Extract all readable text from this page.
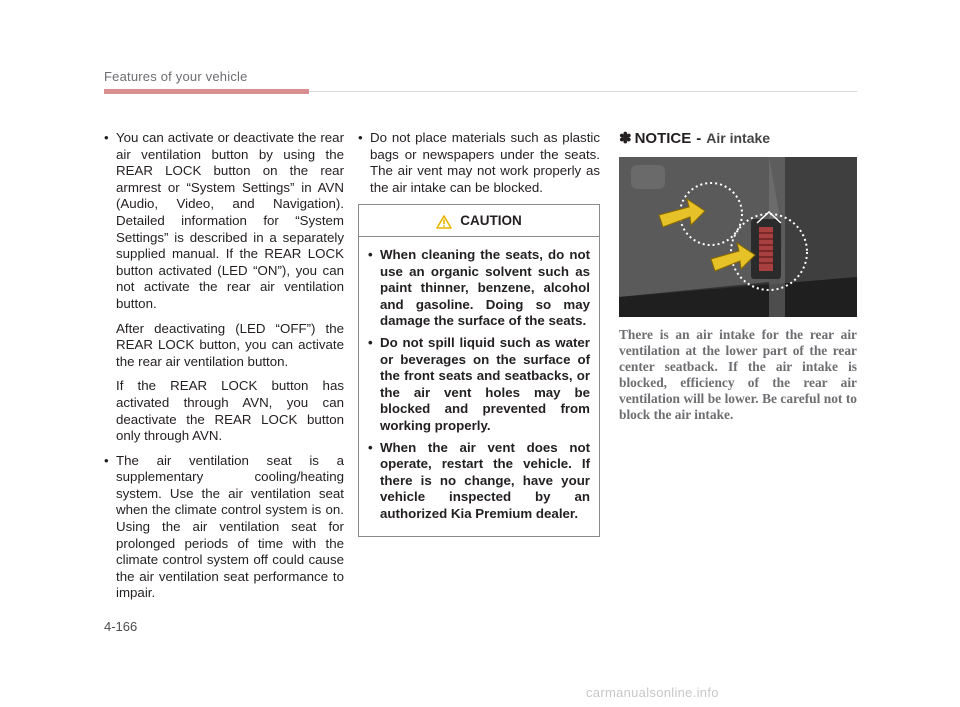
Features of your vehicle
• You can activate or deactivate the rear air ventilation button by using the REAR LOCK button on the rear armrest or “System Settings” in AVN (Audio, Video, and Navigation). Detailed information for “System Settings” is described in a separately supplied manual. If the REAR LOCK button activated (LED “ON”), you can not activate the rear air ventilation button.
After deactivating (LED “OFF”) the REAR LOCK button, you can activate the rear air ventilation button.
If the REAR LOCK button has activated through AVN, you can deactivate the REAR LOCK button only through AVN.
• The air ventilation seat is a supplementary cooling/heating system. Use the air ventilation seat when the climate control system is on. Using the air ventilation seat for prolonged periods of time with the climate control system off could cause the air ventilation seat performance to impair.
• Do not place materials such as plastic bags or newspapers under the seats. The air vent may not work properly as the air intake can be blocked.
CAUTION
• When cleaning the seats, do not use an organic solvent such as paint thinner, benzene, alcohol and gasoline. Doing so may damage the surface of the seats.
• Do not spill liquid such as water or beverages on the surface of the front seats and seatbacks, or the air vent holes may be blocked and prevented from working properly.
• When the air vent does not operate, restart the vehicle. If there is no change, have your vehicle inspected by an authorized Kia Premium dealer.
✽ NOTICE - Air intake
There is an air intake for the rear air ventilation at the lower part of the rear center seatback. If the air intake is blocked, efficiency of the rear air ventilation will be lower. Be careful not to block the air intake.
4-166
carmanualsonline.info
